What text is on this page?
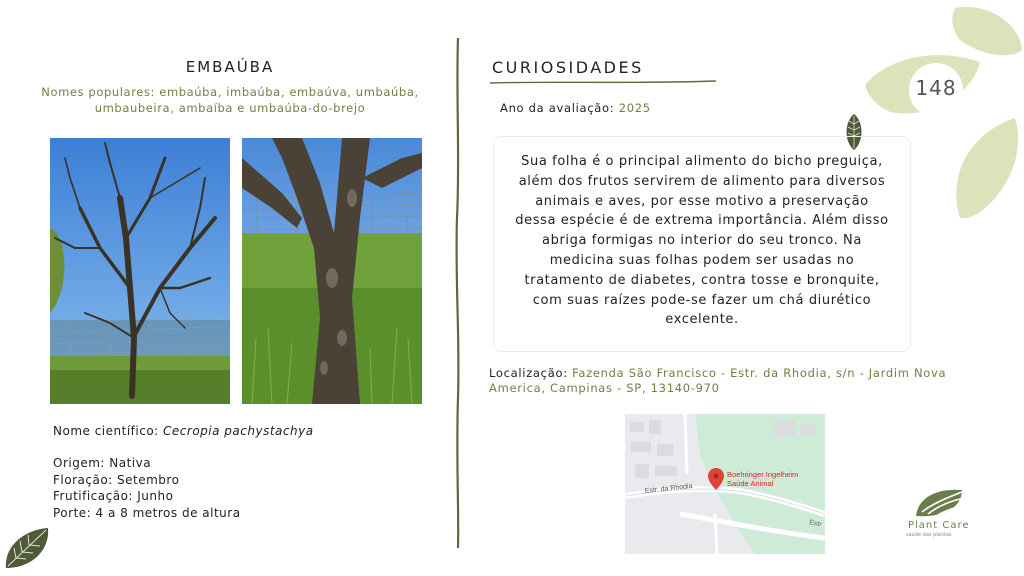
148
EMBAÚBA
Nomes populares: embaúba, imbaúba, embaúva, umbaúba, umbaubeira, ambaíba e umbaúba-do-brejo
Nome científico: Cecropia pachystachya
Origem: Nativa
Floração: Setembro
Frutificação: Junho
Porte: 4 a 8 metros de altura
CURIOSIDADES
Ano da avaliação: 2025
Sua folha é o principal alimento do bicho preguiça, além dos frutos servirem de alimento para diversos animais e aves, por esse motivo a preservação dessa espécie é de extrema importância. Além disso abriga formigas no interior do seu tronco. Na medicina suas folhas podem ser usadas no tratamento de diabetes, contra tosse e bronquite, com suas raízes pode-se fazer um chá diurético excelente.
Localização: Fazenda São Francisco - Estr. da Rhodia, s/n - Jardim Nova America, Campinas - SP, 13140-970
Estr. da Rhodia
Estr
Boehringer Ingelheim
Saúde Animal
Plant Care
saúde das plantas
